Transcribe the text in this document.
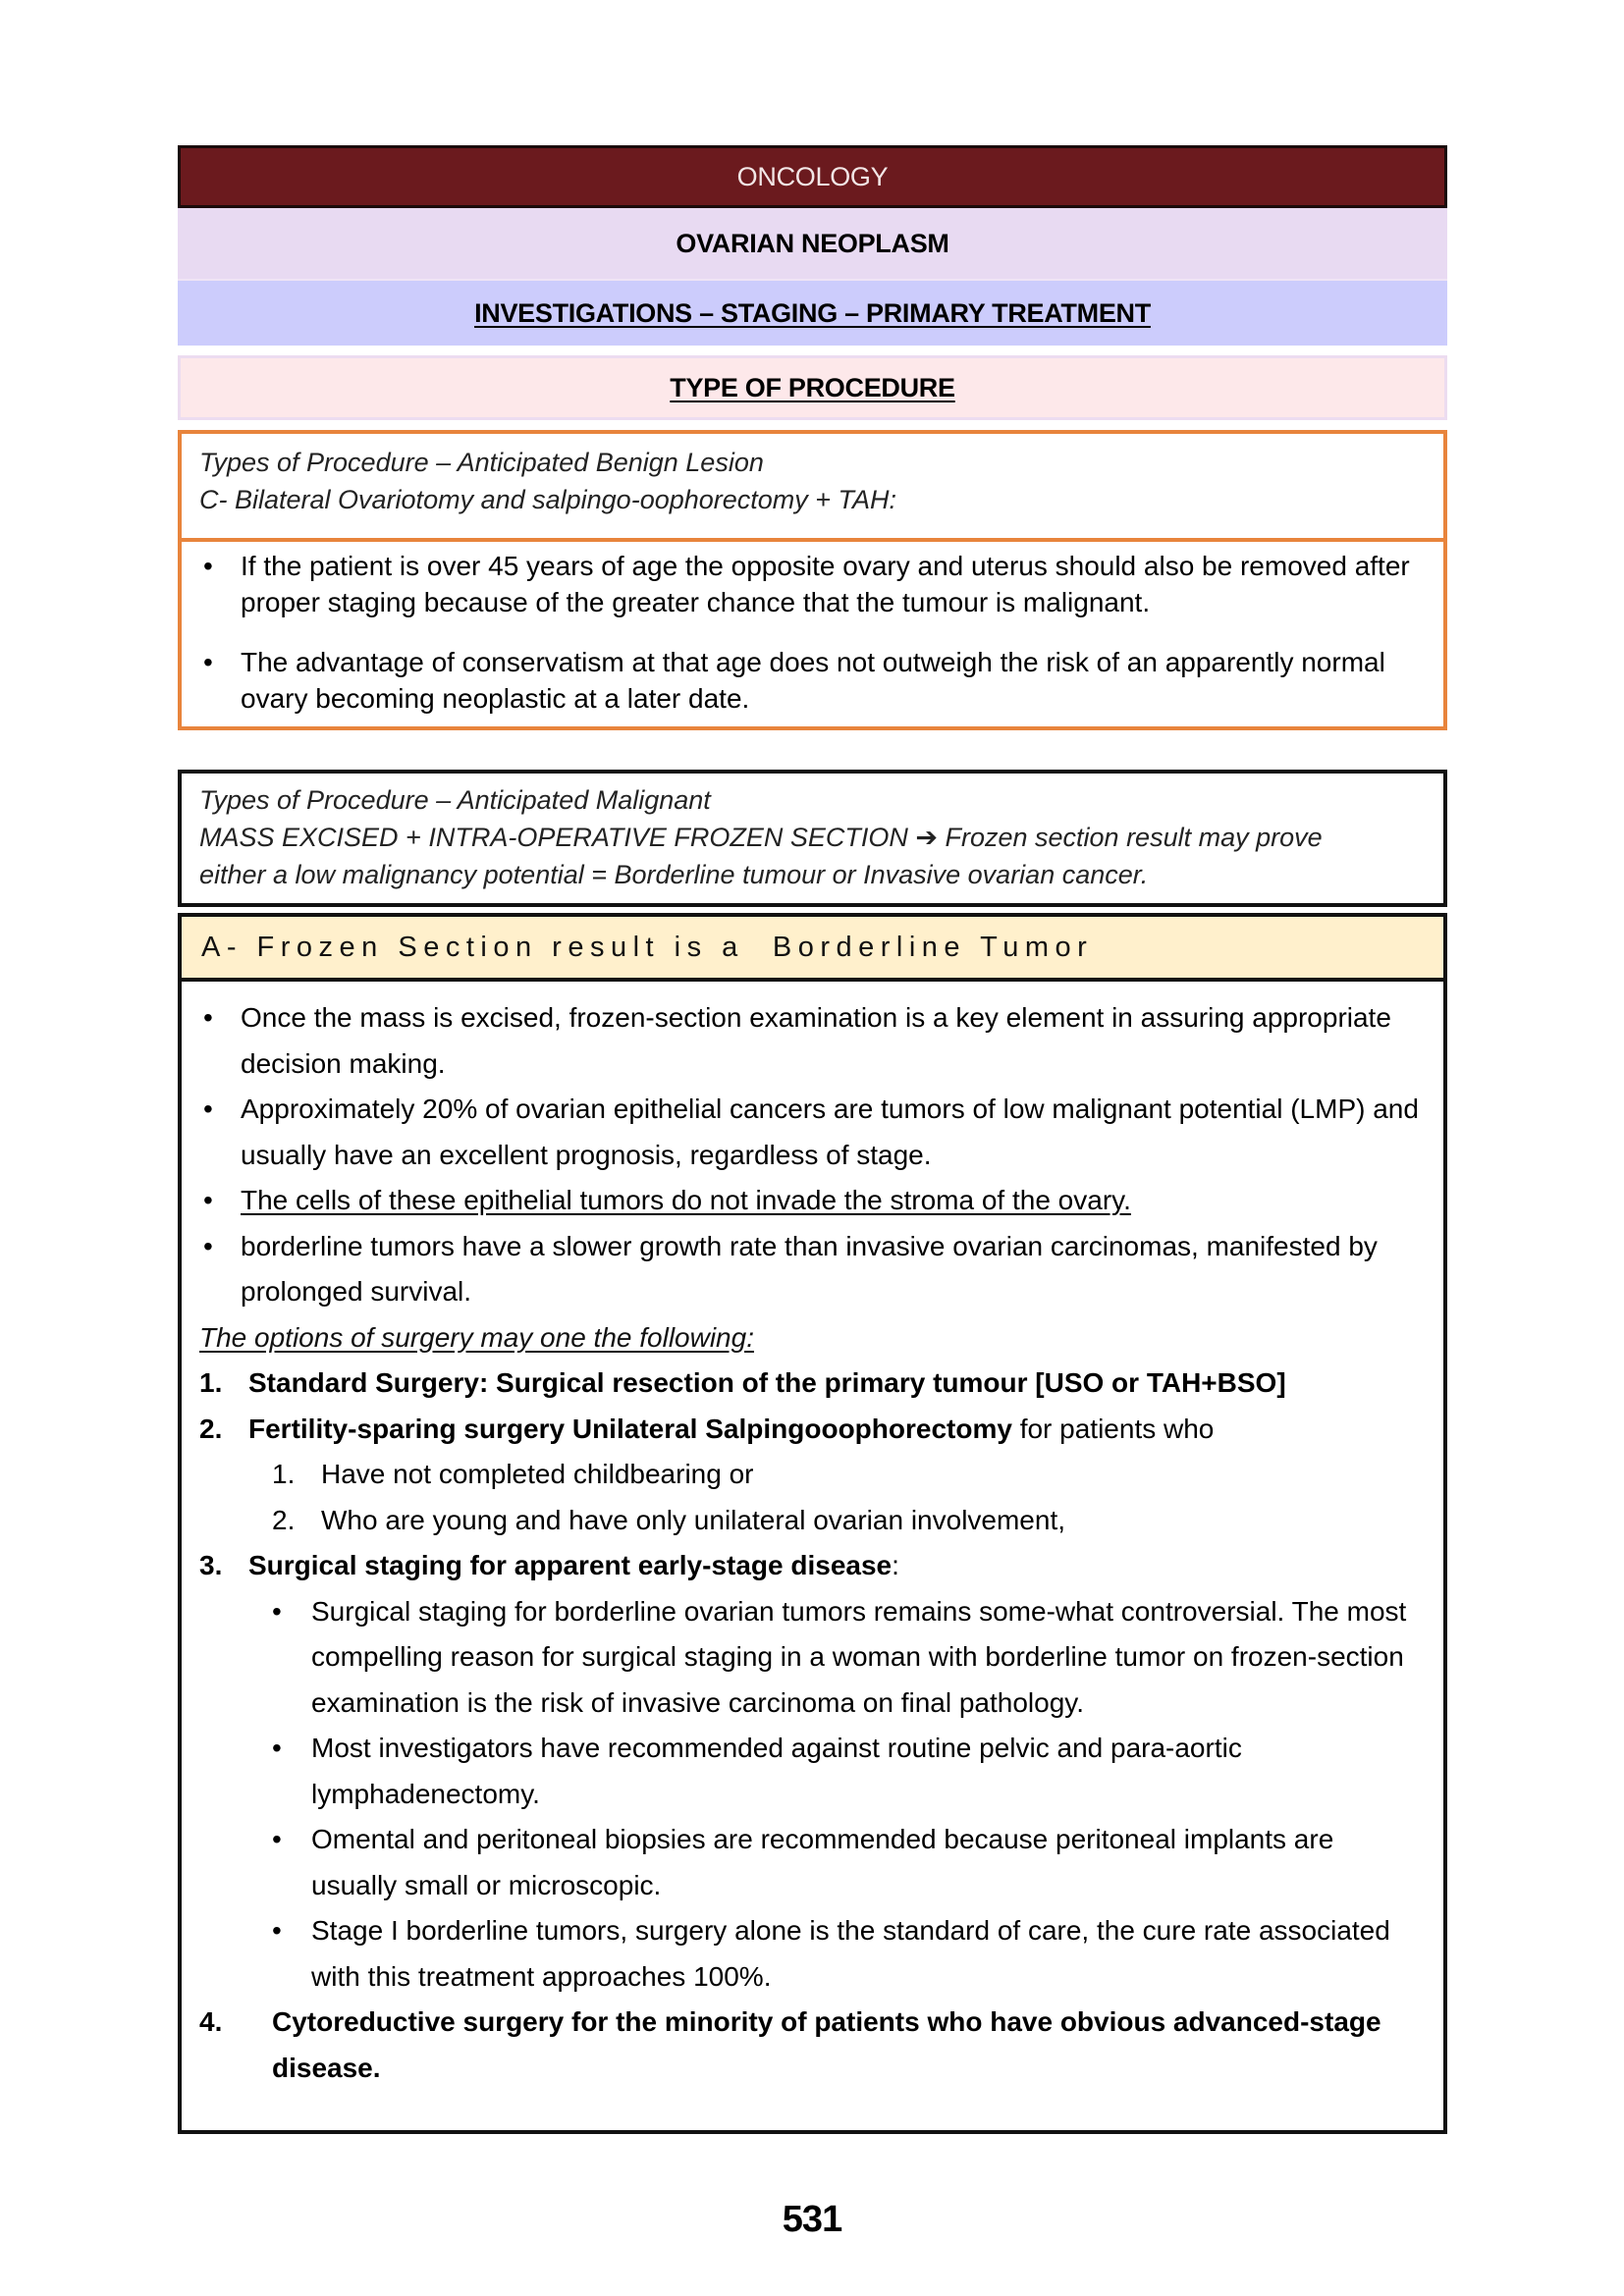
ONCOLOGY
OVARIAN NEOPLASM
INVESTIGATIONS – STAGING – PRIMARY TREATMENT
TYPE OF PROCEDURE
Types of Procedure – Anticipated Benign Lesion
C- Bilateral Ovariotomy and salpingo-oophorectomy + TAH:
•	If the patient is over 45 years of age the opposite ovary and uterus should also be removed after proper staging because of the greater chance that the tumour is malignant.
•	The advantage of conservatism at that age does not outweigh the risk of an apparently normal ovary becoming neoplastic at a later date.
Types of Procedure – Anticipated Malignant
MASS EXCISED + INTRA-OPERATIVE FROZEN SECTION ➔ Frozen section result may prove
either a low malignancy potential = Borderline tumour or Invasive ovarian cancer.
A- Frozen Section result is a  Borderline Tumor
•	Once the mass is excised, frozen-section examination is a key element in assuring appropriate decision making.
•	Approximately 20% of ovarian epithelial cancers are tumors of low malignant potential (LMP) and usually have an excellent prognosis, regardless of stage.
•	The cells of these epithelial tumors do not invade the stroma of the ovary.
•	borderline tumors have a slower growth rate than invasive ovarian carcinomas, manifested by prolonged survival.
The options of surgery may one the following:
1. Standard Surgery: Surgical resection of the primary tumour [USO or TAH+BSO]
2. Fertility-sparing surgery Unilateral Salpingooophorectomy for patients who
1. Have not completed childbearing or
2. Who are young and have only unilateral ovarian involvement,
3. Surgical staging for apparent early-stage disease:
•	Surgical staging for borderline ovarian tumors remains some-what controversial. The most compelling reason for surgical staging in a woman with borderline tumor on frozen-section examination is the risk of invasive carcinoma on final pathology.
•	Most investigators have recommended against routine pelvic and para-aortic lymphadenectomy.
•	Omental and peritoneal biopsies are recommended because peritoneal implants are usually small or microscopic.
•	Stage I borderline tumors, surgery alone is the standard of care, the cure rate associated with this treatment approaches 100%.
4.	Cytoreductive surgery for the minority of patients who have obvious advanced-stage disease.
531
